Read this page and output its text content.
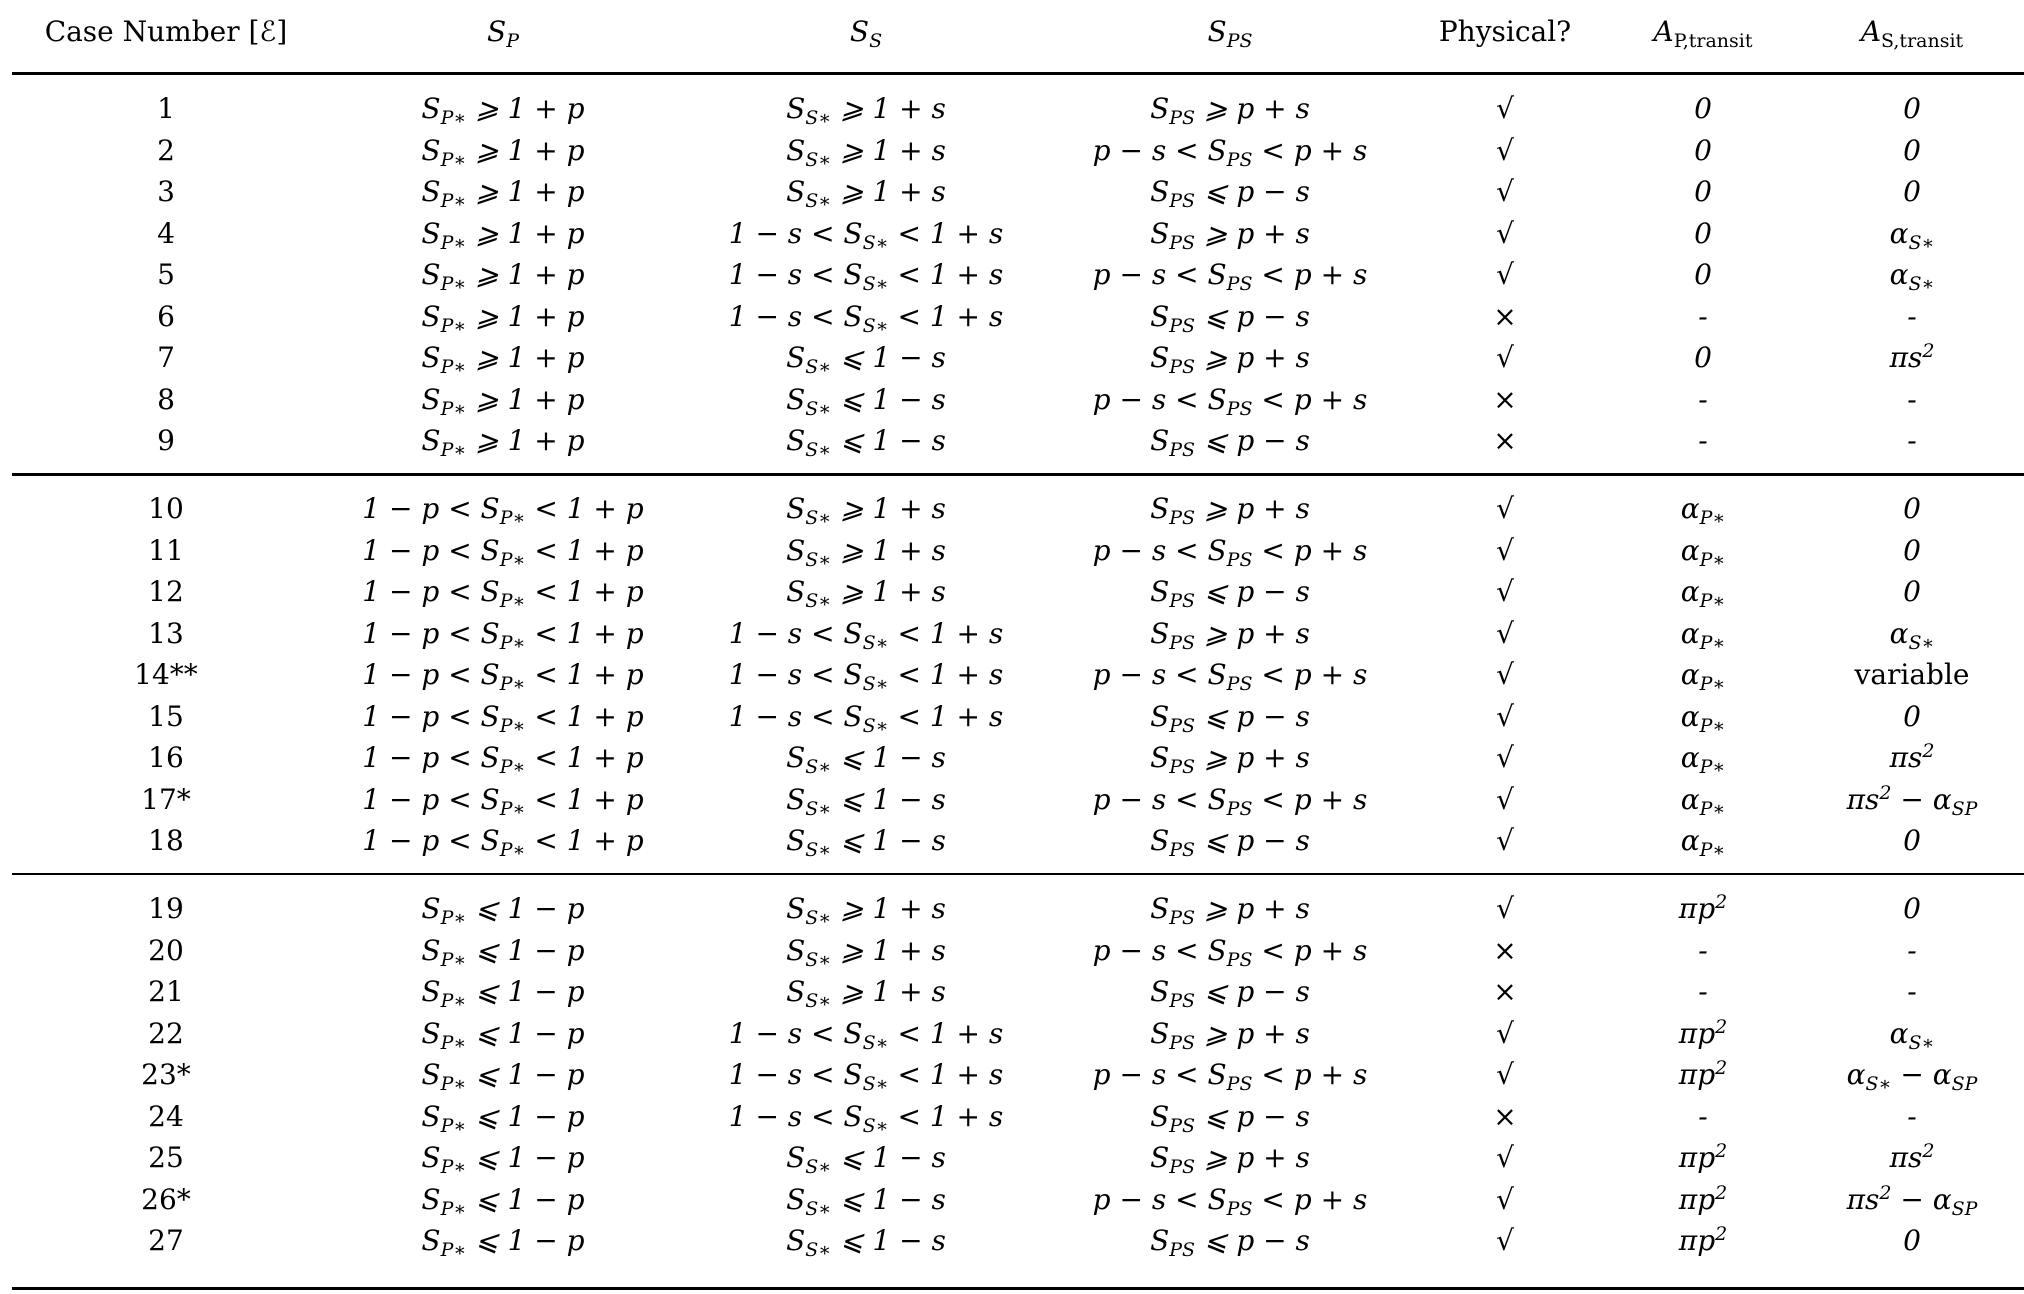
Case Number [ℰ]	$S_P$	$S_S$	$S_{PS}$	Physical?	$A_{P,transit}$	$A_{S,transit}$
1	$S_{P∗}$ ⩾ 1 + p	$S_{S∗}$ ⩾ 1 + s	$S_{PS}$ ⩾ p + s	√	0	0
2	$S_{P∗}$ ⩾ 1 + p	$S_{S∗}$ ⩾ 1 + s	$p - s < S_{PS} < p + s$	√	0	0
3	$S_{P∗}$ ⩾ 1 + p	$S_{S∗}$ ⩾ 1 + s	$S_{PS}$ ⩽ p − s	√	0	0
4	$S_{P∗}$ ⩾ 1 + p	$1 - s < S_{S∗} < 1 + s$	$S_{PS}$ ⩾ p + s	√	0	$\alpha_{S∗}$
5	$S_{P∗}$ ⩾ 1 + p	$1 - s < S_{S∗} < 1 + s$	$p - s < S_{PS} < p + s$	√	0	$\alpha_{S∗}$
6	$S_{P∗}$ ⩾ 1 + p	$1 - s < S_{S∗} < 1 + s$	$S_{PS}$ ⩽ p − s	×	-	-
7	$S_{P∗}$ ⩾ 1 + p	$S_{S∗}$ ⩽ 1 − s	$S_{PS}$ ⩾ p + s	√	0	$\pi s^2$
8	$S_{P∗}$ ⩾ 1 + p	$S_{S∗}$ ⩽ 1 − s	$p - s < S_{PS} < p + s$	×	-	-
9	$S_{P∗}$ ⩾ 1 + p	$S_{S∗}$ ⩽ 1 − s	$S_{PS}$ ⩽ p − s	×	-	-
10	$1 - p < S_{P∗} < 1 + p$	$S_{S∗}$ ⩾ 1 + s	$S_{PS}$ ⩾ p + s	√	$\alpha_{P∗}$	0
11	$1 - p < S_{P∗} < 1 + p$	$S_{S∗}$ ⩾ 1 + s	$p - s < S_{PS} < p + s$	√	$\alpha_{P∗}$	0
12	$1 - p < S_{P∗} < 1 + p$	$S_{S∗}$ ⩾ 1 + s	$S_{PS}$ ⩽ p − s	√	$\alpha_{P∗}$	0
13	$1 - p < S_{P∗} < 1 + p$	$1 - s < S_{S∗} < 1 + s$	$S_{PS}$ ⩾ p + s	√	$\alpha_{P∗}$	$\alpha_{S∗}$
14**	$1 - p < S_{P∗} < 1 + p$	$1 - s < S_{S∗} < 1 + s$	$p - s < S_{PS} < p + s$	√	$\alpha_{P∗}$	variable
15	$1 - p < S_{P∗} < 1 + p$	$1 - s < S_{S∗} < 1 + s$	$S_{PS}$ ⩽ p − s	√	$\alpha_{P∗}$	0
16	$1 - p < S_{P∗} < 1 + p$	$S_{S∗}$ ⩽ 1 − s	$S_{PS}$ ⩾ p + s	√	$\alpha_{P∗}$	$\pi s^2$
17*	$1 - p < S_{P∗} < 1 + p$	$S_{S∗}$ ⩽ 1 − s	$p - s < S_{PS} < p + s$	√	$\alpha_{P∗}$	$\pi s^2 - \alpha_{SP}$
18	$1 - p < S_{P∗} < 1 + p$	$S_{S∗}$ ⩽ 1 − s	$S_{PS}$ ⩽ p − s	√	$\alpha_{P∗}$	0
19	$S_{P∗}$ ⩽ 1 − p	$S_{S∗}$ ⩾ 1 + s	$S_{PS}$ ⩾ p + s	√	$\pi p^2$	0
20	$S_{P∗}$ ⩽ 1 − p	$S_{S∗}$ ⩾ 1 + s	$p - s < S_{PS} < p + s$	×	-	-
21	$S_{P∗}$ ⩽ 1 − p	$S_{S∗}$ ⩾ 1 + s	$S_{PS}$ ⩽ p − s	×	-	-
22	$S_{P∗}$ ⩽ 1 − p	$1 - s < S_{S∗} < 1 + s$	$S_{PS}$ ⩾ p + s	√	$\pi p^2$	$\alpha_{S∗}$
23*	$S_{P∗}$ ⩽ 1 − p	$1 - s < S_{S∗} < 1 + s$	$p - s < S_{PS} < p + s$	√	$\pi p^2$	$\alpha_{S∗} - \alpha_{SP}$
24	$S_{P∗}$ ⩽ 1 − p	$1 - s < S_{S∗} < 1 + s$	$S_{PS}$ ⩽ p − s	×	-	-
25	$S_{P∗}$ ⩽ 1 − p	$S_{S∗}$ ⩽ 1 − s	$S_{PS}$ ⩾ p + s	√	$\pi p^2$	$\pi s^2$
26*	$S_{P∗}$ ⩽ 1 − p	$S_{S∗}$ ⩽ 1 − s	$p - s < S_{PS} < p + s$	√	$\pi p^2$	$\pi s^2 - \alpha_{SP}$
27	$S_{P∗}$ ⩽ 1 − p	$S_{S∗}$ ⩽ 1 − s	$S_{PS}$ ⩽ p − s	√	$\pi p^2$	0
